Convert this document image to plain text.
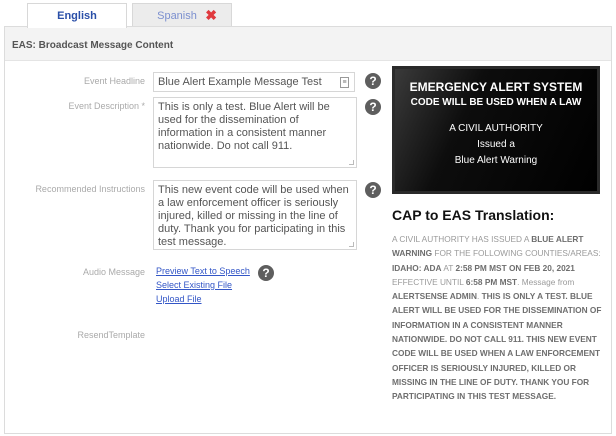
English	Spanish ✖
EAS: Broadcast Message Content
Event Headline	Blue Alert Example Message Test	≡	?
Event Description *	This is only a test. Blue Alert will be used for the dissemination of information in a consistent manner nationwide. Do not call 911.
?
Recommended Instructions	This new event code will be used when a law enforcement officer is seriously injured, killed or missing in the line of duty. Thank you for participating in this test message.
?
Audio Message Preview Text to Speech
Select Existing File
Upload File
?
ResendTemplate
EMERGENCY ALERT SYSTEM
CODE WILL BE USED WHEN A LAW
A CIVIL AUTHORITY
Issued a
Blue Alert Warning
CAP to EAS Translation:
A CIVIL AUTHORITY HAS ISSUED A BLUE ALERT WARNING FOR THE FOLLOWING COUNTIES/AREAS: IDAHO: ADA AT 2:58 PM MST ON FEB 20, 2021 EFFECTIVE UNTIL 6:58 PM MST. Message from ALERTSENSE ADMIN. THIS IS ONLY A TEST. BLUE ALERT WILL BE USED FOR THE DISSEMINATION OF INFORMATION IN A CONSISTENT MANNER NATIONWIDE. DO NOT CALL 911. THIS NEW EVENT CODE WILL BE USED WHEN A LAW ENFORCEMENT OFFICER IS SERIOUSLY INJURED, KILLED OR MISSING IN THE LINE OF DUTY. THANK YOU FOR PARTICIPATING IN THIS TEST MESSAGE.
